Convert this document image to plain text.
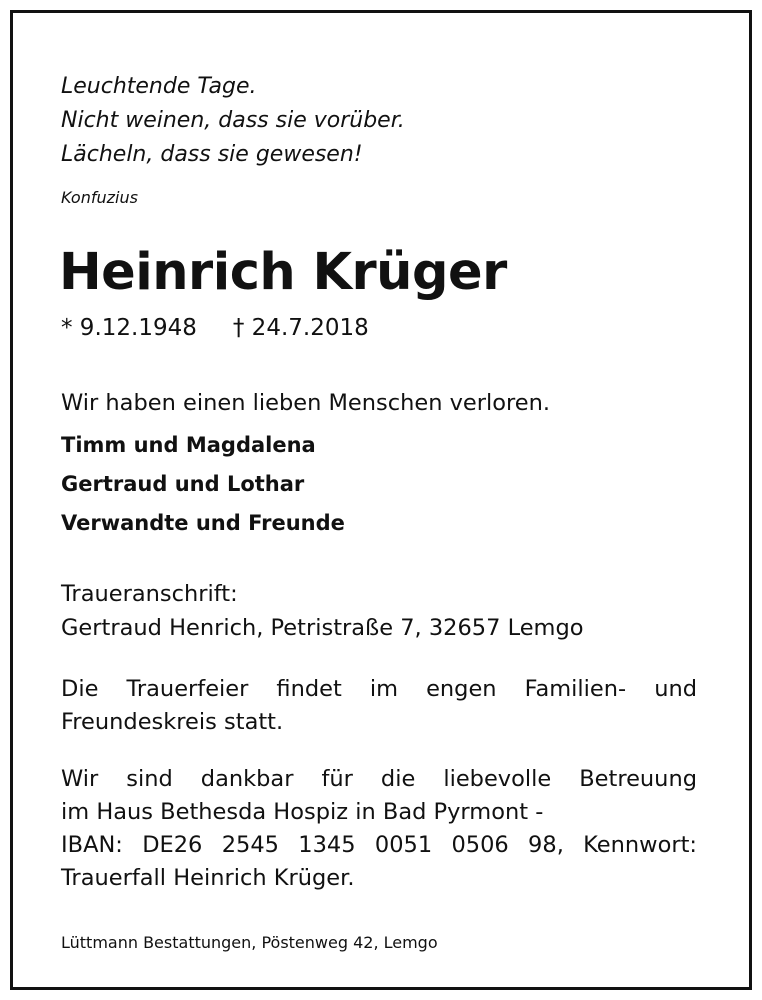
Leuchtende Tage.
Nicht weinen, dass sie vorüber.
Lächeln, dass sie gewesen!
Konfuzius
Heinrich Krüger
* 9.12.1948 † 24.7.2018
Wir haben einen lieben Menschen verloren.
Timm und Magdalena
Gertraud und Lothar
Verwandte und Freunde
Traueranschrift:
Gertraud Henrich, Petristraße 7, 32657 Lemgo
Die Trauerfeier findet im engen Familien- und
Freundeskreis statt.
Wir sind dankbar für die liebevolle Betreuung
im Haus Bethesda Hospiz in Bad Pyrmont -
IBAN: DE26 2545 1345 0051 0506 98, Kennwort:
Trauerfall Heinrich Krüger.
Lüttmann Bestattungen, Pöstenweg 42, Lemgo
